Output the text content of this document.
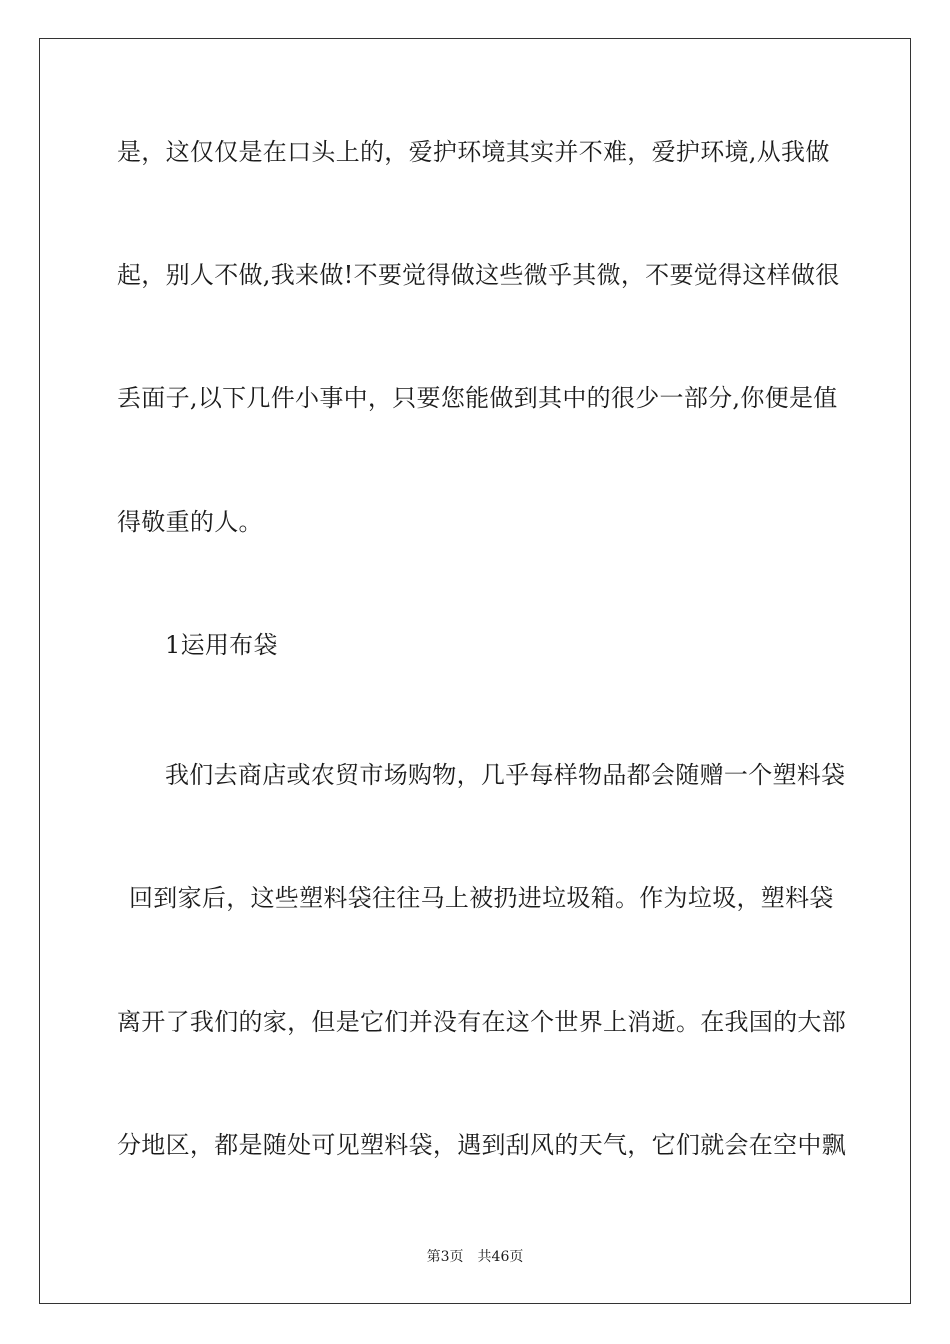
是，这仅仅是在口头上的，爱护环境其实并不难，爱护环境,从我做
起，别人不做,我来做!不要觉得做这些微乎其微，不要觉得这样做很
丢面子,以下几件小事中，只要您能做到其中的很少一部分,你便是值
得敬重的人。
1运用布袋
我们去商店或农贸市场购物，几乎每样物品都会随赠一个塑料袋
回到家后，这些塑料袋往往马上被扔进垃圾箱。作为垃圾，塑料袋
离开了我们的家，但是它们并没有在这个世界上消逝。在我国的大部
分地区，都是随处可见塑料袋，遇到刮风的天气，它们就会在空中飘
第3页　共46页
